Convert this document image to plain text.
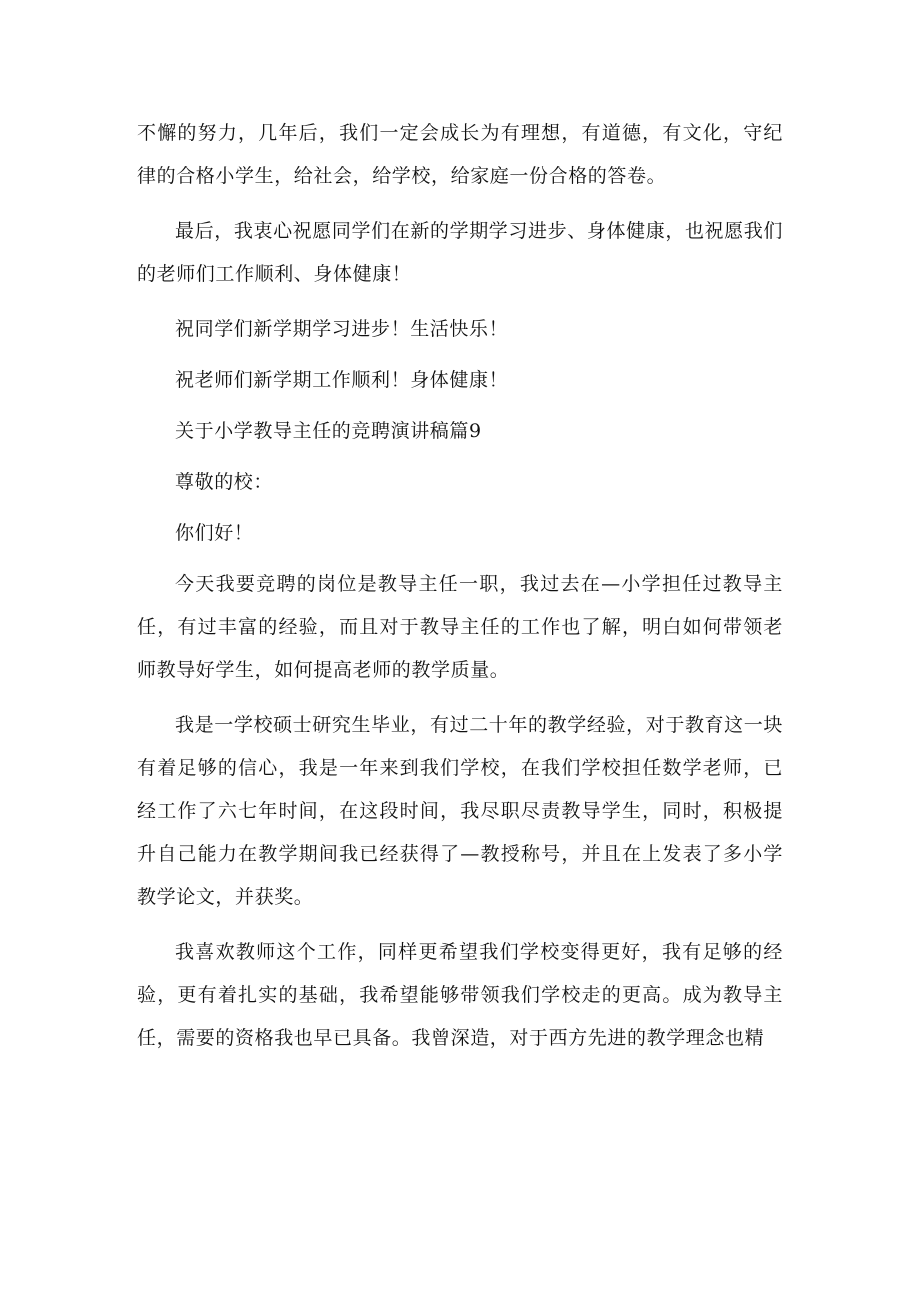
不懈的努力，几年后，我们一定会成长为有理想，有道德，有文化，守纪律的合格小学生，给社会，给学校，给家庭一份合格的答卷。

最后，我衷心祝愿同学们在新的学期学习进步、身体健康，也祝愿我们的老师们工作顺利、身体健康！

祝同学们新学期学习进步！生活快乐！

祝老师们新学期工作顺利！身体健康！

关于小学教导主任的竞聘演讲稿篇9

尊敬的校：

你们好！

今天我要竞聘的岗位是教导主任一职，我过去在—小学担任过教导主任，有过丰富的经验，而且对于教导主任的工作也了解，明白如何带领老师教导好学生，如何提高老师的教学质量。

我是一学校硕士研究生毕业，有过二十年的教学经验，对于教育这一块有着足够的信心，我是一年来到我们学校，在我们学校担任数学老师，已经工作了六七年时间，在这段时间，我尽职尽责教导学生，同时，积极提升自己能力在教学期间我已经获得了—教授称号，并且在上发表了多小学教学论文，并获奖。

我喜欢教师这个工作，同样更希望我们学校变得更好，我有足够的经验，更有着扎实的基础，我希望能够带领我们学校走的更高。成为教导主任，需要的资格我也早已具备。我曾深造，对于西方先进的教学理念也精
